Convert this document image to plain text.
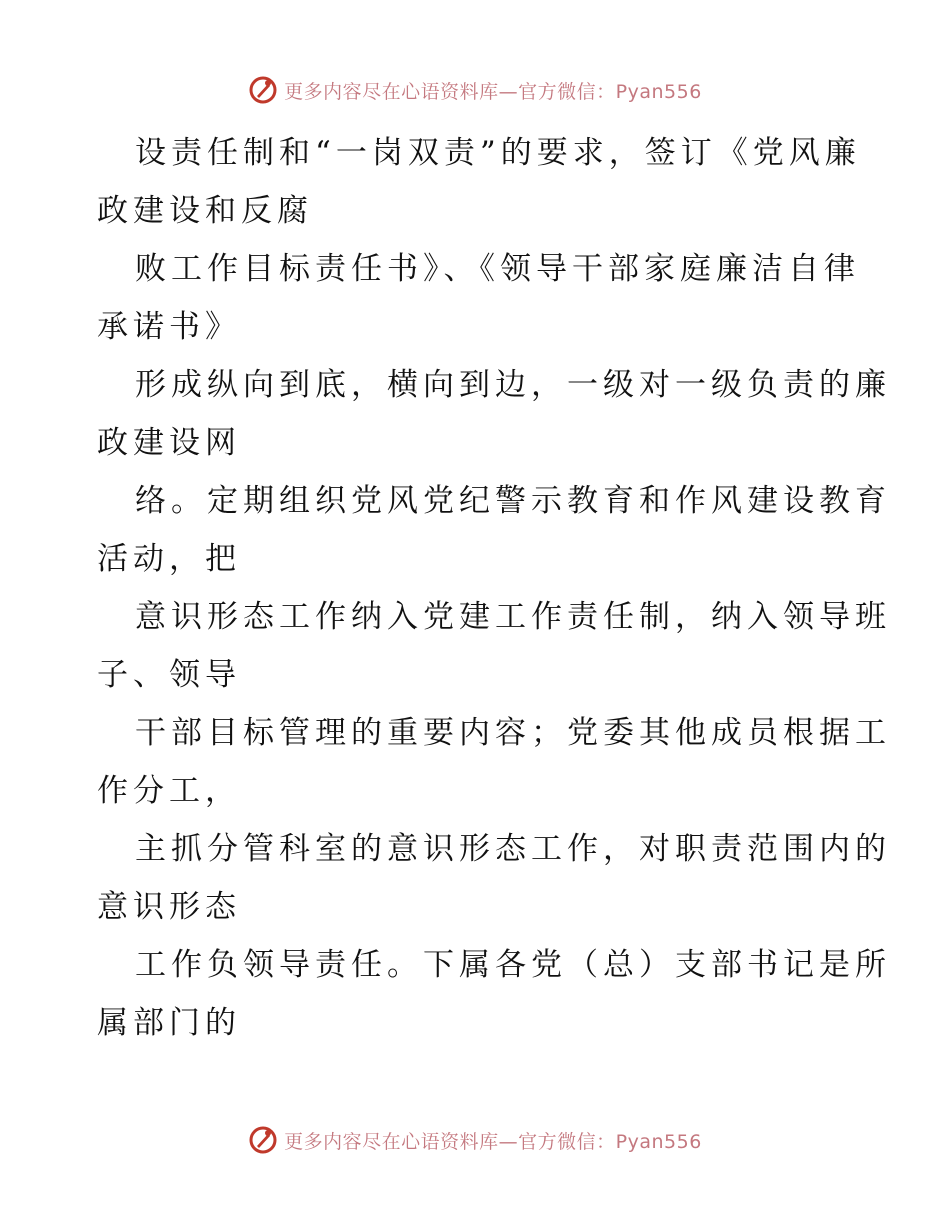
更多内容尽在心语资料库—官方微信：Pyan556

设责任制和“一岗双责”的要求，签订《党风廉
政建设和反腐

败工作目标责任书》、《领导干部家庭廉洁自律
承诺书》

形成纵向到底，横向到边，一级对一级负责的廉
政建设网

络。定期组织党风党纪警示教育和作风建设教育
活动，把

意识形态工作纳入党建工作责任制，纳入领导班
子、领导

干部目标管理的重要内容；党委其他成员根据工
作分工，

主抓分管科室的意识形态工作，对职责范围内的
意识形态

工作负领导责任。下属各党（总）支部书记是所
属部门的

更多内容尽在心语资料库—官方微信：Pyan556
